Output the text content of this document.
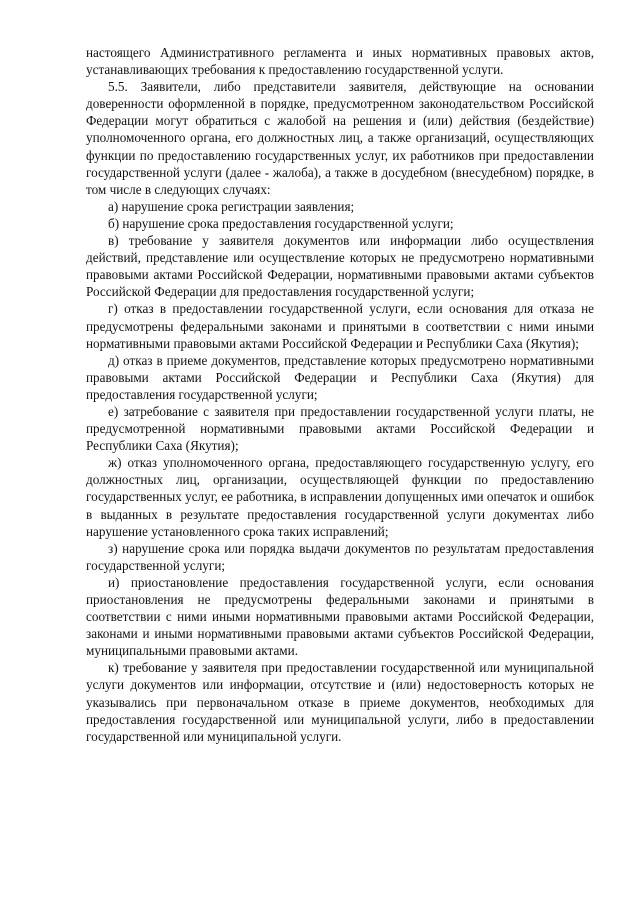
настоящего Административного регламента и иных нормативных правовых актов, устанавливающих требования к предоставлению государственной услуги.

5.5. Заявители, либо представители заявителя, действующие на основании доверенности оформленной в порядке, предусмотренном законодательством Российской Федерации могут обратиться с жалобой на решения и (или) действия (бездействие) уполномоченного органа, его должностных лиц, а также организаций, осуществляющих функции по предоставлению государственных услуг, их работников при предоставлении государственной услуги (далее - жалоба), а также в досудебном (внесудебном) порядке, в том числе в следующих случаях:

а) нарушение срока регистрации заявления;

б) нарушение срока предоставления государственной услуги;

в) требование у заявителя документов или информации либо осуществления действий, представление или осуществление которых не предусмотрено нормативными правовыми актами Российской Федерации, нормативными правовыми актами субъектов Российской Федерации для предоставления государственной услуги;

г) отказ в предоставлении государственной услуги, если основания для отказа не предусмотрены федеральными законами и принятыми в соответствии с ними иными нормативными правовыми актами Российской Федерации и Республики Саха (Якутия);

д) отказ в приеме документов, представление которых предусмотрено нормативными правовыми актами Российской Федерации и Республики Саха (Якутия) для предоставления государственной услуги;

е) затребование с заявителя при предоставлении государственной услуги платы, не предусмотренной нормативными правовыми актами Российской Федерации и Республики Саха (Якутия);

ж) отказ уполномоченного органа, предоставляющего государственную услугу, его должностных лиц, организации, осуществляющей функции по предоставлению государственных услуг, ее работника, в исправлении допущенных ими опечаток и ошибок в выданных в результате предоставления государственной услуги документах либо нарушение установленного срока таких исправлений;

з) нарушение срока или порядка выдачи документов по результатам предоставления государственной услуги;

и) приостановление предоставления государственной услуги, если основания приостановления не предусмотрены федеральными законами и принятыми в соответствии с ними иными нормативными правовыми актами Российской Федерации, законами и иными нормативными правовыми актами субъектов Российской Федерации, муниципальными правовыми актами.

к) требование у заявителя при предоставлении государственной или муниципальной услуги документов или информации, отсутствие и (или) недостоверность которых не указывались при первоначальном отказе в приеме документов, необходимых для предоставления государственной или муниципальной услуги, либо в предоставлении государственной или муниципальной услуги.
